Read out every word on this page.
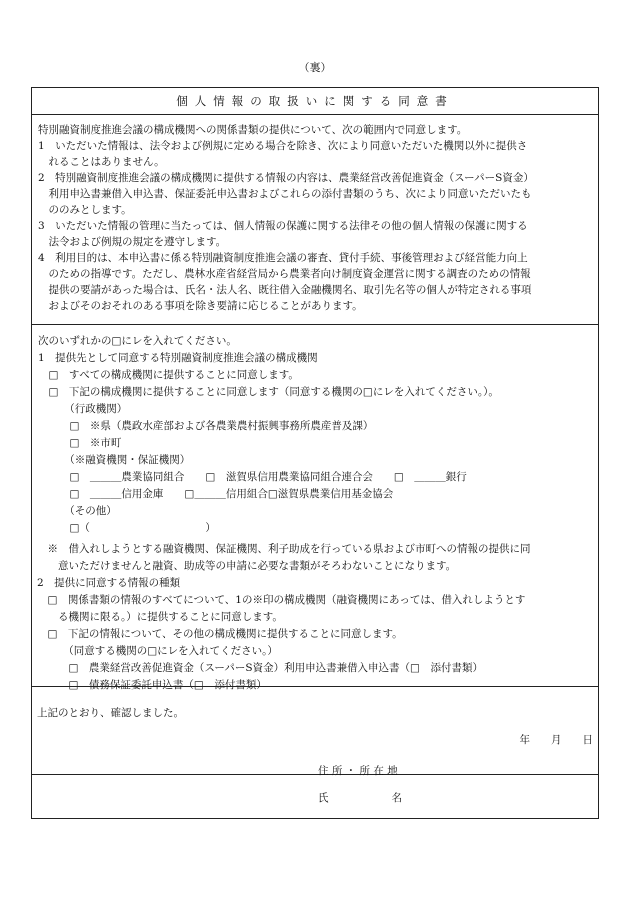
（裏）
個人情報の取扱いに関する同意書
特別融資制度推進会議の構成機関への関係書類の提供について、次の範囲内で同意します。
1　いただいた情報は、法令および例規に定める場合を除き、次により同意いただいた機関以外に提供さ
　れることはありません。
2　特別融資制度推進会議の構成機関に提供する情報の内容は、農業経営改善促進資金（スーパーS資金）
　利用申込書兼借入申込書、保証委託申込書およびこれらの添付書類のうち、次により同意いただいたも
　ののみとします。
3　いただいた情報の管理に当たっては、個人情報の保護に関する法律その他の個人情報の保護に関する
　法令および例規の規定を遵守します。
4　利用目的は、本申込書に係る特別融資制度推進会議の審査、貸付手続、事後管理および経営能力向上
　のための指導です。ただし、農林水産省経営局から農業者向け制度資金運営に関する調査のための情報
　提供の要請があった場合は、氏名・法人名、既往借入金融機関名、取引先名等の個人が特定される事項
　およびそのおそれのある事項を除き要請に応じることがあります。
次のいずれかの□にレを入れてください。
1　提供先として同意する特別融資制度推進会議の構成機関
　□　すべての構成機関に提供することに同意します。
　□　下記の構成機関に提供することに同意します（同意する機関の□にレを入れてください。）。
　　　（行政機関）
　　　□　※県（農政水産部および各農業農村振興事務所農産普及課）
　　　□　※市町
　　　（※融資機関・保証機関）
　　　□　＿＿＿農業協同組合　　□　滋賀県信用農業協同組合連合会　　□　＿＿＿銀行
　　　□　＿＿＿信用金庫　　□＿＿＿信用組合□滋賀県農業信用基金協会
　　　（その他）
　　　□（　　　　　　　　　　　）
　※　借入れしようとする融資機関、保証機関、利子助成を行っている県および市町への情報の提供に同
　　意いただけませんと融資、助成等の申請に必要な書類がそろわないことになります。
2　提供に同意する情報の種類
　□　関係書類の情報のすべてについて、1の※印の構成機関（融資機関にあっては、借入れしようとす
　　る機関に限る。）に提供することに同意します。
　□　下記の情報について、その他の構成機関に提供することに同意します。
　　　（同意する機関の□にレを入れてください。）
　　　□　農業経営改善促進資金（スーパーS資金）利用申込書兼借入申込書（□　添付書類）
　　　□　債務保証委託申込書（□　添付書類）
上記のとおり、確認しました。
年　　月　　日
住 所 ・ 所 在 地
氏　　　　　　名
